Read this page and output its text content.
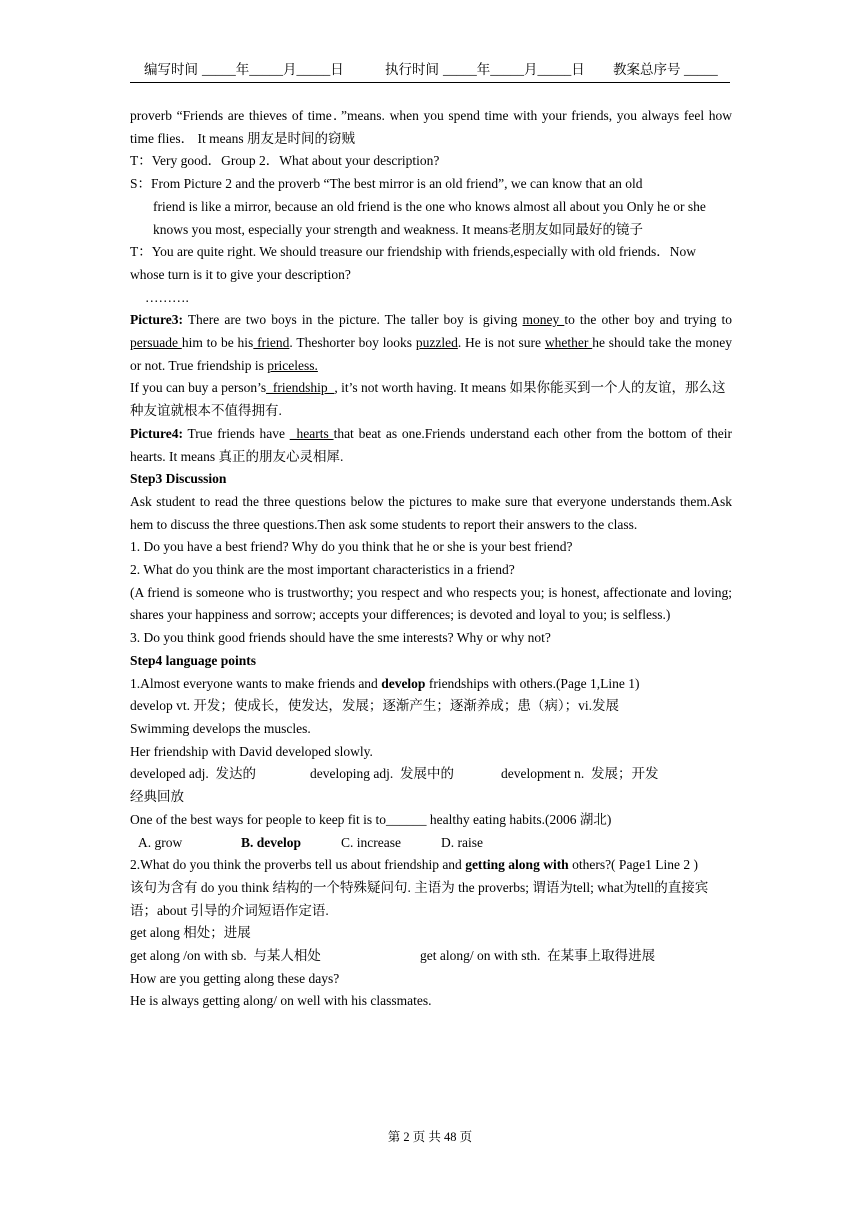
编写时间 _____年_____月_____日	执行时间 _____年_____月_____日 教案总序号 _____

proverb “Friends are thieves of time．”means. when you spend time with your friends, you always feel how time flies． It means 朋友是时间的窃贼

T：Very good．Group 2．What about your description?

S：From Picture 2 and the proverb “The best mirror is an old friend”, we can know that an old

friend is like a mirror, because an old friend is the one who knows almost all about you Only he or she knows you most, especially your strength and weakness. It means老朋友如同最好的镜子

T：You are quite right. We should treasure our friendship with friends,especially with old friends．Now whose turn is it to give your description?

……….

Picture3: There are two boys in the picture. The taller boy is giving money to the other boy and trying to persuade him to be his friend. Theshorter boy looks puzzled. He is not sure whether he should take the money or not. True friendship is priceless.

If you can buy a person’s_friendship_, it’s not worth having. It means 如果你能买到一个人的友谊，那么这种友谊就根本不值得拥有.

Picture4: True friends have _hearts that beat as one.Friends understand each other from the bottom of their hearts. It means 真正的朋友心灵相犀.

Step3 Discussion

Ask student to read the three questions below the pictures to make sure that everyone understands them.Ask hem to discuss the three questions.Then ask some students to report their answers to the class.

1. Do you have a best friend? Why do you think that he or she is your best friend?

2. What do you think are the most important characteristics in a friend?

(A friend is someone who is trustworthy; you respect and who respects you; is honest, affectionate and loving; shares your happiness and sorrow; accepts your differences; is devoted and loyal to you; is selfless.)

3. Do you think good friends should have the sme interests? Why or why not?

Step4 language points

1.Almost everyone wants to make friends and develop friendships with others.(Page 1,Line 1)

develop vt. 开发；使成长，使发达，发展；逐渐产生；逐渐养成；患（病）；vi.发展

Swimming develops the muscles.

Her friendship with David developed slowly.

developed adj.  发达的	developing adj.  发展中的	development n.  发展；开发

经典回放

One of the best ways for people to keep fit is to______ healthy eating habits.(2006 湖北)

A. grow	B. develop	C. increase	D. raise

2.What do you think the proverbs tell us about friendship and getting along with others?( Page1 Line 2 )

该句为含有 do you think 结构的一个特殊疑问句. 主语为 the proverbs; 谓语为tell; what为tell的直接宾语；about 引导的介词短语作定语.

get along 相处；进展

get along /on with sb.  与某人相处	get along/ on with sth.  在某事上取得进展

How are you getting along these days?

He is always getting along/ on well with his classmates.

第 2 页 共 48 页
